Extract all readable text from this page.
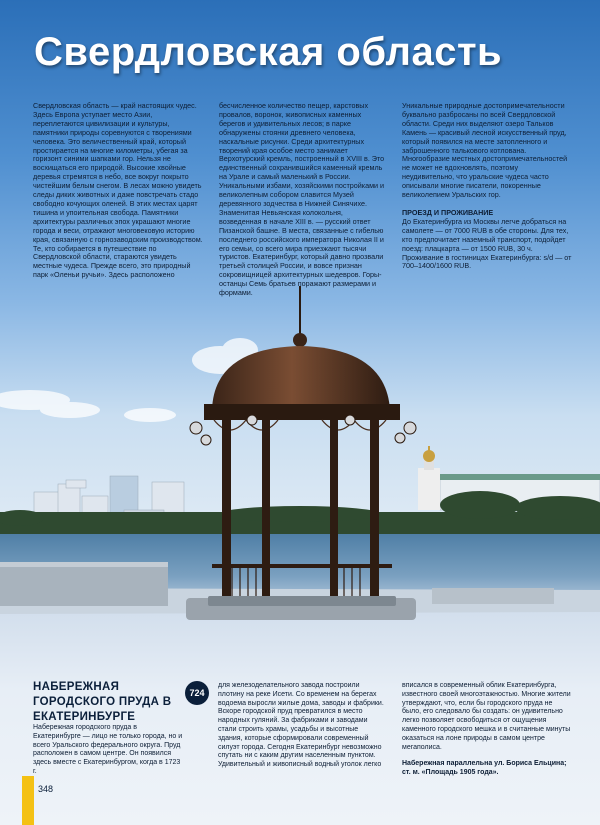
Свердловская область

Свердловская область — край настоящих чудес. Здесь Европа уступает место Азии, переплетаются цивилизации и культуры, памятники природы соревнуются с творениями человека. Это величественный край, который простирается на многие километры, убегая за горизонт синими шапками гор. Нельзя не восхищаться его природой. Высокие хвойные деревья стремятся в небо, все вокруг покрыто чистейшим белым снегом. В лесах можно увидеть следы диких животных и даже повстречать стадо свободно кочующих оленей. В этих местах царят тишина и упоительная свобода. Памятники архитектуры различных эпох украшают многие города и веси, отражают многовековую историю края, связанную с горнозаводским производством. Те, кто собирается в путешествие по Свердловской области, стараются увидеть местные чудеса. Прежде всего, это природный парк «Оленьи ручьи». Здесь расположено

бесчисленное количество пещер, карстовых провалов, воронок, живописных каменных берегов и удивительных лесов; в парке обнаружены стоянки древнего человека, наскальные рисунки. Среди архитектурных творений края особое место занимает Верхотурский кремль, построенный в XVIII в. Это единственный сохранившийся каменный кремль на Урале и самый маленький в России. Уникальными избами, хозяйскими постройками и великолепным собором славится Музей деревянного зодчества в Нижней Синячихе. Знаменитая Невьянская колокольня, возведенная в начале XIII в. — русский ответ Пизанской башне. В места, связанные с гибелью последнего российского императора Николая II и его семьи, со всего мира приезжают тысячи туристов. Екатеринбург, который давно прозвали третьей столицей России, и вовсе признан сокровищницей архитектурных шедевров. Горы-останцы Семь братьев поражают размерами и формами.

Уникальные природные достопримечательности буквально разбросаны по всей Свердловской области. Среди них выделяют озеро Тальков Камень — красивый лесной искусственный пруд, который появился на месте затопленного и заброшенного талькового котлована. Многообразие местных достопримечательностей не может не вдохновлять, поэтому неудивительно, что уральские чудеса часто описывали многие писатели, покоренные великолепием Уральских гор.

ПРОЕЗД И ПРОЖИВАНИЕ

До Екатеринбурга из Москвы легче добраться на самолете — от 7000 RUB в обе стороны. Для тех, кто предпочитает наземный транспорт, подойдет поезд: плацкарта — от 1500 RUB, 30 ч. Проживание в гостиницах Екатеринбурга: s/d — от 700–1400/1600 RUB.

НАБЕРЕЖНАЯ ГОРОДСКОГО ПРУДА В ЕКАТЕРИНБУРГЕ
724

Набережная городского пруда в Екатеринбурге — лицо не только города, но и всего Уральского федерального округа. Пруд расположен в самом центре. Он появился здесь вместе с Екатеринбургом, когда в 1723 г.

для железоделательного завода построили плотину на реке Исети. Со временем на берегах водоема выросли жилые дома, заводы и фабрики. Вскоре городской пруд превратился в место народных гуляний. За фабриками и заводами стали строить храмы, усадьбы и высотные здания, которые сформировали современный силуэт города. Сегодня Екатеринбург невозможно спутать ни с каким другим населенным пунктом. Удивительный и живописный водный уголок легко

вписался в современный облик Екатеринбурга, известного своей многоэтажностью. Многие жители утверждают, что, если бы городского пруда не было, его следовало бы создать: он удивительно легко позволяет освободиться от ощущения каменного городского мешка и в считанные минуты оказаться на лоне природы в самом центре мегаполиса.

Набережная параллельна ул. Бориса Ельцина; ст. м. «Площадь 1905 года».

348
